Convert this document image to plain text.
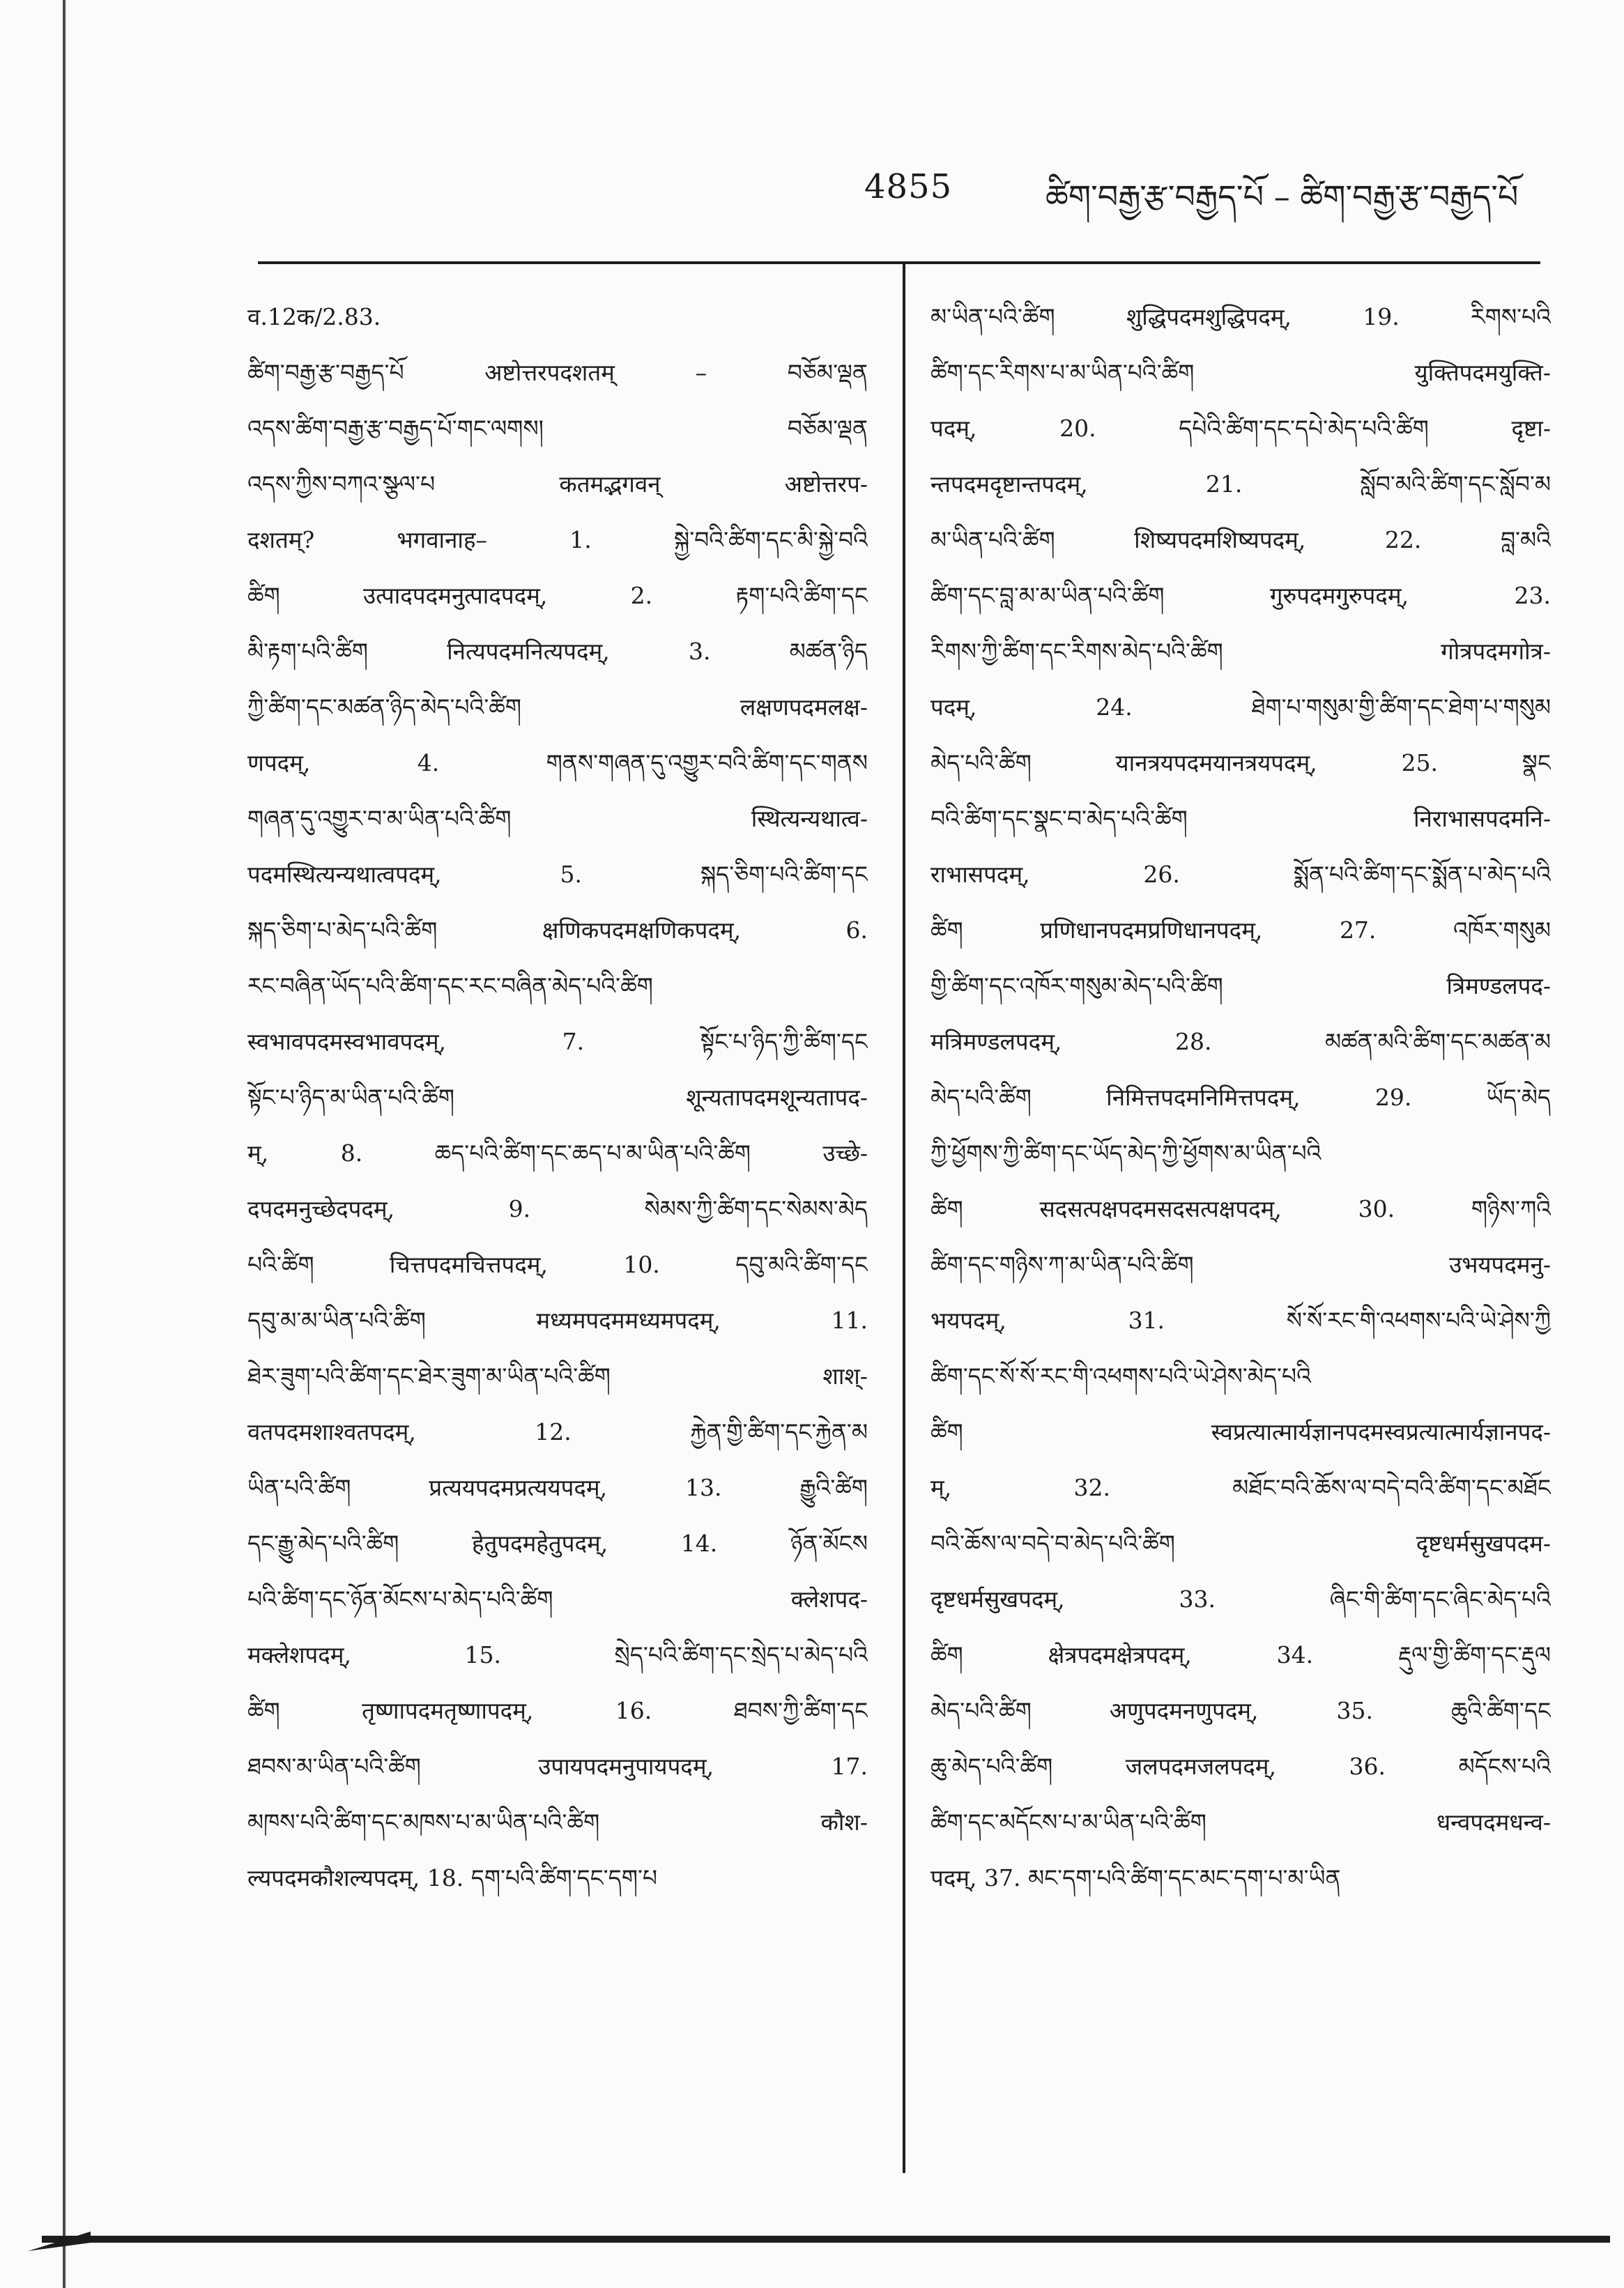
4855	ཚིག་བརྒྱ་རྩ་བརྒྱད་པོ – ཚིག་བརྒྱ་རྩ་བརྒྱད་པོ
व.12क/2.83.
ཚིག་བརྒྱ་རྩ་བརྒྱད་པོ अष्टोत्तरपदशतम् – བཅོམ་ལྡན
འདས་ཚིག་བརྒྱ་རྩ་བརྒྱད་པོ་གང་ལགས། བཅོམ་ལྡན
འདས་ཀྱིས་བཀའ་སྩལ་པ कतमद्भगवन् अष्टोत्तरप-
दशतम्? भगवानाह– 1. སྐྱེ་བའི་ཚིག་དང་མི་སྐྱེ་བའི
ཚིག उत्पादपदमनुत्पादपदम्, 2. རྟག་པའི་ཚིག་དང
མི་རྟག་པའི་ཚིག नित्यपदमनित्यपदम्, 3. མཚན་ཉིད
ཀྱི་ཚིག་དང་མཚན་ཉིད་མེད་པའི་ཚིག लक्षणपदमलक्ष-
णपदम्, 4. གནས་གཞན་དུ་འགྱུར་བའི་ཚིག་དང་གནས
གཞན་དུ་འགྱུར་བ་མ་ཡིན་པའི་ཚིག स्थित्यन्यथात्व-
पदमस्थित्यन्यथात्वपदम्, 5. སྐད་ཅིག་པའི་ཚིག་དང
སྐད་ཅིག་པ་མེད་པའི་ཚིག क्षणिकपदमक्षणिकपदम्, 6.
རང་བཞིན་ཡོད་པའི་ཚིག་དང་རང་བཞིན་མེད་པའི་ཚིག
स्वभावपदमस्वभावपदम्, 7. སྟོང་པ་ཉིད་ཀྱི་ཚིག་དང
སྟོང་པ་ཉིད་མ་ཡིན་པའི་ཚིག शून्यतापदमशून्यतापद-
म्, 8. ཆད་པའི་ཚིག་དང་ཆད་པ་མ་ཡིན་པའི་ཚིག उच्छे-
दपदमनुच्छेदपदम्, 9. སེམས་ཀྱི་ཚིག་དང་སེམས་མེད
པའི་ཚིག चित्तपदमचित्तपदम्, 10. དབུ་མའི་ཚིག་དང
དབུ་མ་མ་ཡིན་པའི་ཚིག मध्यमपदममध्यमपदम्, 11.
ཐེར་ཟུག་པའི་ཚིག་དང་ཐེར་ཟུག་མ་ཡིན་པའི་ཚིག शाश्-
वतपदमशाश्वतपदम्, 12. རྐྱེན་གྱི་ཚིག་དང་རྐྱེན་མ
ཡིན་པའི་ཚིག प्रत्ययपदमप्रत्ययपदम्, 13. རྒྱུའི་ཚིག
དང་རྒྱུ་མེད་པའི་ཚིག हेतुपदमहेतुपदम्, 14. ཉོན་མོངས
པའི་ཚིག་དང་ཉོན་མོངས་པ་མེད་པའི་ཚིག क्लेशपद-
मक्लेशपदम्, 15. སྲེད་པའི་ཚིག་དང་སྲེད་པ་མེད་པའི
ཚིག तृष्णापदमतृष्णापदम्, 16. ཐབས་ཀྱི་ཚིག་དང
ཐབས་མ་ཡིན་པའི་ཚིག उपायपदमनुपायपदम्, 17.
མཁས་པའི་ཚིག་དང་མཁས་པ་མ་ཡིན་པའི་ཚིག कौश-
ल्यपदमकौशल्यपदम्, 18. དག་པའི་ཚིག་དང་དག་པ
མ་ཡིན་པའི་ཚིག शुद्धिपदमशुद्धिपदम्, 19. རིགས་པའི
ཚིག་དང་རིགས་པ་མ་ཡིན་པའི་ཚིག युक्तिपदमयुक्ति-
पदम्, 20. དཔེའི་ཚིག་དང་དཔེ་མེད་པའི་ཚིག दृष्टा-
न्तपदमदृष्टान्तपदम्, 21. སློབ་མའི་ཚིག་དང་སློབ་མ
མ་ཡིན་པའི་ཚིག शिष्यपदमशिष्यपदम्, 22. བླ་མའི
ཚིག་དང་བླ་མ་མ་ཡིན་པའི་ཚིག गुरुपदमगुरुपदम्, 23.
རིགས་ཀྱི་ཚིག་དང་རིགས་མེད་པའི་ཚིག गोत्रपदमगोत्र-
पदम्, 24. ཐེག་པ་གསུམ་གྱི་ཚིག་དང་ཐེག་པ་གསུམ
མེད་པའི་ཚིག यानत्रयपदमयानत्रयपदम्, 25. སྣང
བའི་ཚིག་དང་སྣང་བ་མེད་པའི་ཚིག निराभासपदमनि-
राभासपदम्, 26. སྨོན་པའི་ཚིག་དང་སྨོན་པ་མེད་པའི
ཚིག प्रणिधानपदमप्रणिधानपदम्, 27. འཁོར་གསུམ
གྱི་ཚིག་དང་འཁོར་གསུམ་མེད་པའི་ཚིག त्रिमण्डलपद-
मत्रिमण्डलपदम्, 28. མཚན་མའི་ཚིག་དང་མཚན་མ
མེད་པའི་ཚིག निमित्तपदमनिमित्तपदम्, 29. ཡོད་མེད
ཀྱི་ཕྱོགས་ཀྱི་ཚིག་དང་ཡོད་མེད་ཀྱི་ཕྱོགས་མ་ཡིན་པའི
ཚིག सदसत्पक्षपदमसदसत्पक्षपदम्, 30. གཉིས་ཀའི
ཚིག་དང་གཉིས་ཀ་མ་ཡིན་པའི་ཚིག उभयपदमनु-
भयपदम्, 31. སོ་སོ་རང་གི་འཕགས་པའི་ཡེ་ཤེས་ཀྱི
ཚིག་དང་སོ་སོ་རང་གི་འཕགས་པའི་ཡེ་ཤེས་མེད་པའི
ཚིག स्वप्रत्यात्मार्यज्ञानपदमस्वप्रत्यात्मार्यज्ञानपद-
म्, 32. མཐོང་བའི་ཆོས་ལ་བདེ་བའི་ཚིག་དང་མཐོང
བའི་ཆོས་ལ་བདེ་བ་མེད་པའི་ཚིག दृष्टधर्मसुखपदम-
दृष्टधर्मसुखपदम्, 33. ཞིང་གི་ཚིག་དང་ཞིང་མེད་པའི
ཚིག क्षेत्रपदमक्षेत्रपदम्, 34. རྡུལ་གྱི་ཚིག་དང་རྡུལ
མེད་པའི་ཚིག अणुपदमनणुपदम्, 35. ཆུའི་ཚིག་དང
ཆུ་མེད་པའི་ཚིག जलपदमजलपदम्, 36. མདོངས་པའི
ཚིག་དང་མདོངས་པ་མ་ཡིན་པའི་ཚིག धन्वपदमधन्व-
पदम्, 37. མང་དག་པའི་ཚིག་དང་མང་དག་པ་མ་ཡིན
